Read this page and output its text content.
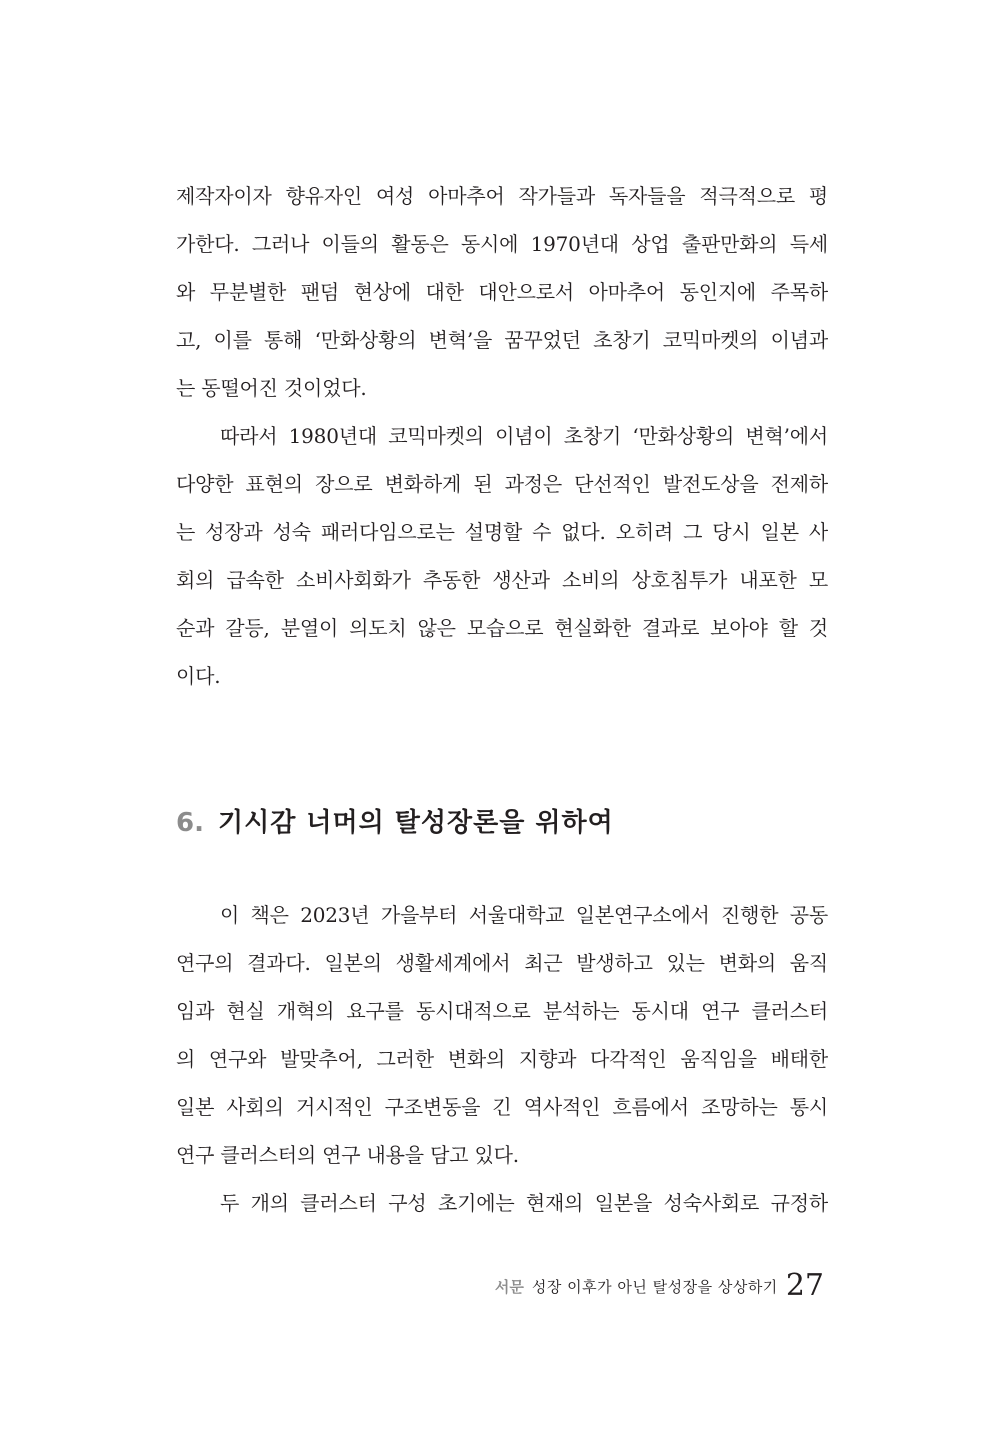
제작자이자 향유자인 여성 아마추어 작가들과 독자들을 적극적으로 평
가한다. 그러나 이들의 활동은 동시에 1970년대 상업 출판만화의 득세
와 무분별한 팬덤 현상에 대한 대안으로서 아마추어 동인지에 주목하
고, 이를 통해 ‘만화상황의 변혁’을 꿈꾸었던 초창기 코믹마켓의 이념과
는 동떨어진 것이었다.
따라서 1980년대 코믹마켓의 이념이 초창기 ‘만화상황의 변혁’에서
다양한 표현의 장으로 변화하게 된 과정은 단선적인 발전도상을 전제하
는 성장과 성숙 패러다임으로는 설명할 수 없다. 오히려 그 당시 일본 사
회의 급속한 소비사회화가 추동한 생산과 소비의 상호침투가 내포한 모
순과 갈등, 분열이 의도치 않은 모습으로 현실화한 결과로 보아야 할 것
이다.
6. 기시감 너머의 탈성장론을 위하여
이 책은 2023년 가을부터 서울대학교 일본연구소에서 진행한 공동
연구의 결과다. 일본의 생활세계에서 최근 발생하고 있는 변화의 움직
임과 현실 개혁의 요구를 동시대적으로 분석하는 동시대 연구 클러스터
의 연구와 발맞추어, 그러한 변화의 지향과 다각적인 움직임을 배태한
일본 사회의 거시적인 구조변동을 긴 역사적인 흐름에서 조망하는 통시
연구 클러스터의 연구 내용을 담고 있다.
두 개의 클러스터 구성 초기에는 현재의 일본을 성숙사회로 규정하
서문 성장 이후가 아닌 탈성장을 상상하기 27
